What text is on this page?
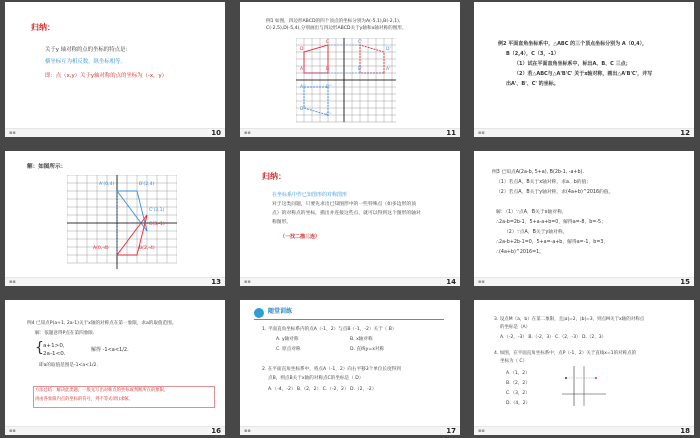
归纳：
关于y 轴对称的点的坐标的特点是：
横坐标互为相反数，纵坐标相等。
即：点（x,y）关于y轴对称的点的坐标为（-x，y）
▪▪	10
例1 如图，四边形ABCD的四个顶点的坐标分别为A(-5,1),B(-2,1),
C(-2,5),D(-5,4),分别画出与四边形ABCD关于y轴和x轴对称的图形。
D
C
A	B
C'
D'
A'
B'
A''	B''
D''
C''
▪▪	11
例2 平面直角坐标系中，△ABC 的三个顶点坐标分别为 A（0,4），
B（2,4），C（3，-1）
（1）试在平面直角坐标系中，标出A、B、C 三点；
（2）若△ABC与△A'B'C' 关于x轴对称，画出△A'B'C'，并写
出A'、B'、C' 的坐标。
▪▪	12
解：如图所示：
A'(0,4)	B'(2,4)
C'(3,1)
C(3,-1)
A(0,-4)	B(2,-4)
▪▪	13
归纳：
在坐标系中作已知图形的对称图形
对于这类问题，只要先求出已知图形中的一些特殊点（如多边形的顶
点）的对称点的坐标，描出并连接这些点，就可以得到这个图形的轴对
称图形。
（一找二描三连）
▪▪	14
例3 已知点A(2a-b, 5+a), B(2b-1, -a+b).
（1）若点A，B关于x轴对称，求a、b的值；
（2）若点A，B关于y轴对称，求(4a+b)^2016的值。
解：（1）∵点A，B关于x轴对称，
∴2a-b=2b-1，5+a-a+b=0，解得a=-8，b=-5；
（2）∵点A，B关于y轴对称，
∴2a-b+2b-1=0，5+a=-a+b，解得a=-1，b=3，
∴(4a+b)^2016=1。
▪▪	15
例4 已知点P(a+1, 2a-1)关于x轴的对称点在第一象限，求a的取值范围。
解：依题意得P点在第四象限.
{ a+1>0,
2a-1<0.
解得 -1<a<1/2.
即a的取值范围是-1<a<1/2.
方法总结：解决此类题，一般先写出对称点的坐标或判断所在的象限，
再由各象限内点的坐标的符号，列不等式(组)求解。
▪▪	16
随堂训练
1. 平面直角坐标系内的点A（-1，2）与点B（-1，-2）关于（ B）
A. y轴对称	B. x轴对称
C. 原点对称	D. 直线y=x对称
2. 在平面直角坐标系中，将点A（-1，2）向右平移3个单位长度得到
点B，则点B关于x轴的对称点C的坐标是（ D）
A.（-4，-2） B.（2，2） C.（-2，2） D.（2，-2）
▪▪	17
3. 设点M（a，b）在第二象限，且|a|=2，|b|=3，则点M关于x轴的对称点
的坐标是（A）
A.（-2，-3） B.（-2，3） C.（2，-3） D.（2，3）
4. 如图，在平面直角坐标系中，点P（-1，2）关于直线x=1的对称点的
坐标为（ C）
A.（1，2）
B.（2，2）
C.（3，2）
D.（4，2）
▪▪	18
